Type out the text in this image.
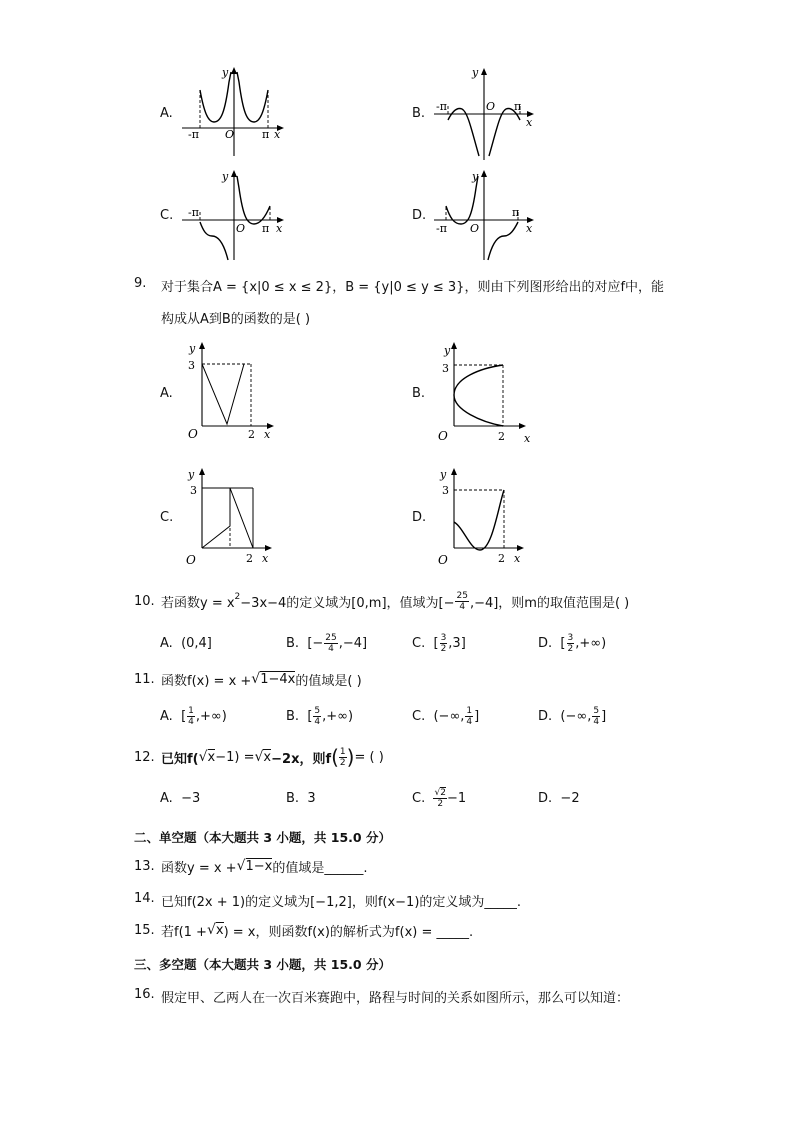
A.
y
O
-π	π x
B.
y
O
-π	π
x
C.
y
O
-π
π x
D.
y
O
-π
π
x
9. 对于集合A = {x|0 ≤ x ≤ 2}，B = {y|0 ≤ y ≤ 3}，则由下列图形给出的对应f中，能
构成从A到B的函数的是( )
A.
y
3
O	2 x
B.
y
3
O	2 x
C.
y
3
O	2 x
D.
y
3
O	2 x
10. 若函数$y = x^2 -3x-4$的定义域为[0,m]，值域为[− $\frac{25}{4} ,-4$]，则m的取值范围是( )
A.
(0,4]	B.
[− $\frac{25}{4} ,-4$]	C.
[ $\frac{3}{2} ,3$]	D.
[ $\frac{3}{2}$ ,+∞)
11. 函数f(x) = x + √ 1−4x 的值域是( )
A.
[ $\frac{1}{4}$ ,+∞)	B.
[ $\frac{5}{4}$ ,+∞)	C.
(−∞, $\frac{1}{4}$ ]	D.
(−∞, $\frac{5}{4}$ ]
12. 已知f( √ x −1) = √ x −2x，则f ( $\frac{1}{2}$ ) = ( )
A. −3	B. 3	C.
$\frac{√2}{2} -1$	D. −2
二、单空题（本大题共 3 小题，共 15.0 分）
13. 函数y = x + √ 1−x 的值域是______.
14. 已知f(2x + 1)的定义域为[−1,2]，则f(x−1)的定义域为_____.
15. 若f(1 + √ x ) = x，则函数f(x)的解析式为f(x) = _____.
三、多空题（本大题共 3 小题，共 15.0 分）
16. 假定甲、乙两人在一次百米赛跑中，路程与时间的关系如图所示，那么可以知道：
